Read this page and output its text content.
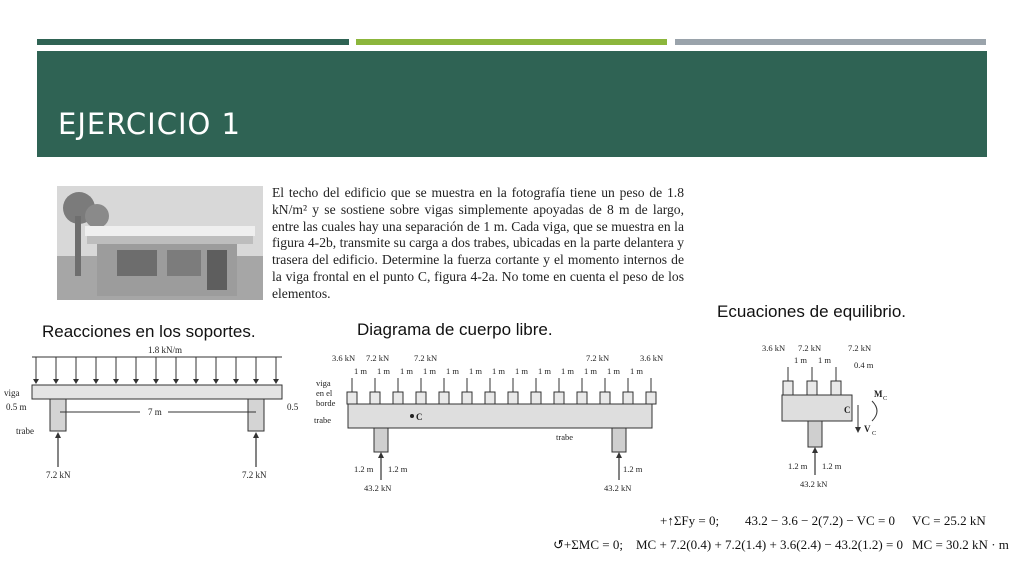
EJERCICIO 1
El techo del edificio que se muestra en la fotografía tiene un peso de 1.8 kN/m² y se sostiene sobre vigas simplemente apoyadas de 8 m de largo, entre las cuales hay una separación de 1 m. Cada viga, que se muestra en la figura 4-2b, transmite su carga a dos trabes, ubicadas en la parte delantera y trasera del edificio. Determine la fuerza cortante y el momento internos de la viga frontal en el punto C, figura 4-2a. No tome en cuenta el peso de los elementos.
Reacciones en los soportes.	Diagrama de cuerpo libre.
Ecuaciones de equilibrio.
1.8 kN/m
viga
0.5 m	7 m	0.5
trabe
7.2 kN	7.2 kN
3.6 kN 7.2 kN	7.2 kN	7.2 kN	3.6 kN
1 m 1 m 1 m 1 m 1 m 1 m 1 m 1 m 1 m 1 m 1 m 1 m 1 m
viga
en el
borde
trabe	C
trabe
1.2 m 1.2 m	1.2 m
43.2 kN	43.2 kN
3.6 kN 7.2 kN	7.2 kN
1 m 1 m	0.4 m
C
M C
V C
1.2 m 1.2 m
43.2 kN
+↑ΣFy = 0; 43.2 − 3.6 − 2(7.2) − VC = 0 VC = 25.2 kN
↺+ΣMC = 0; MC + 7.2(0.4) + 7.2(1.4) + 3.6(2.4) − 43.2(1.2) = 0 MC = 30.2 kN · m
